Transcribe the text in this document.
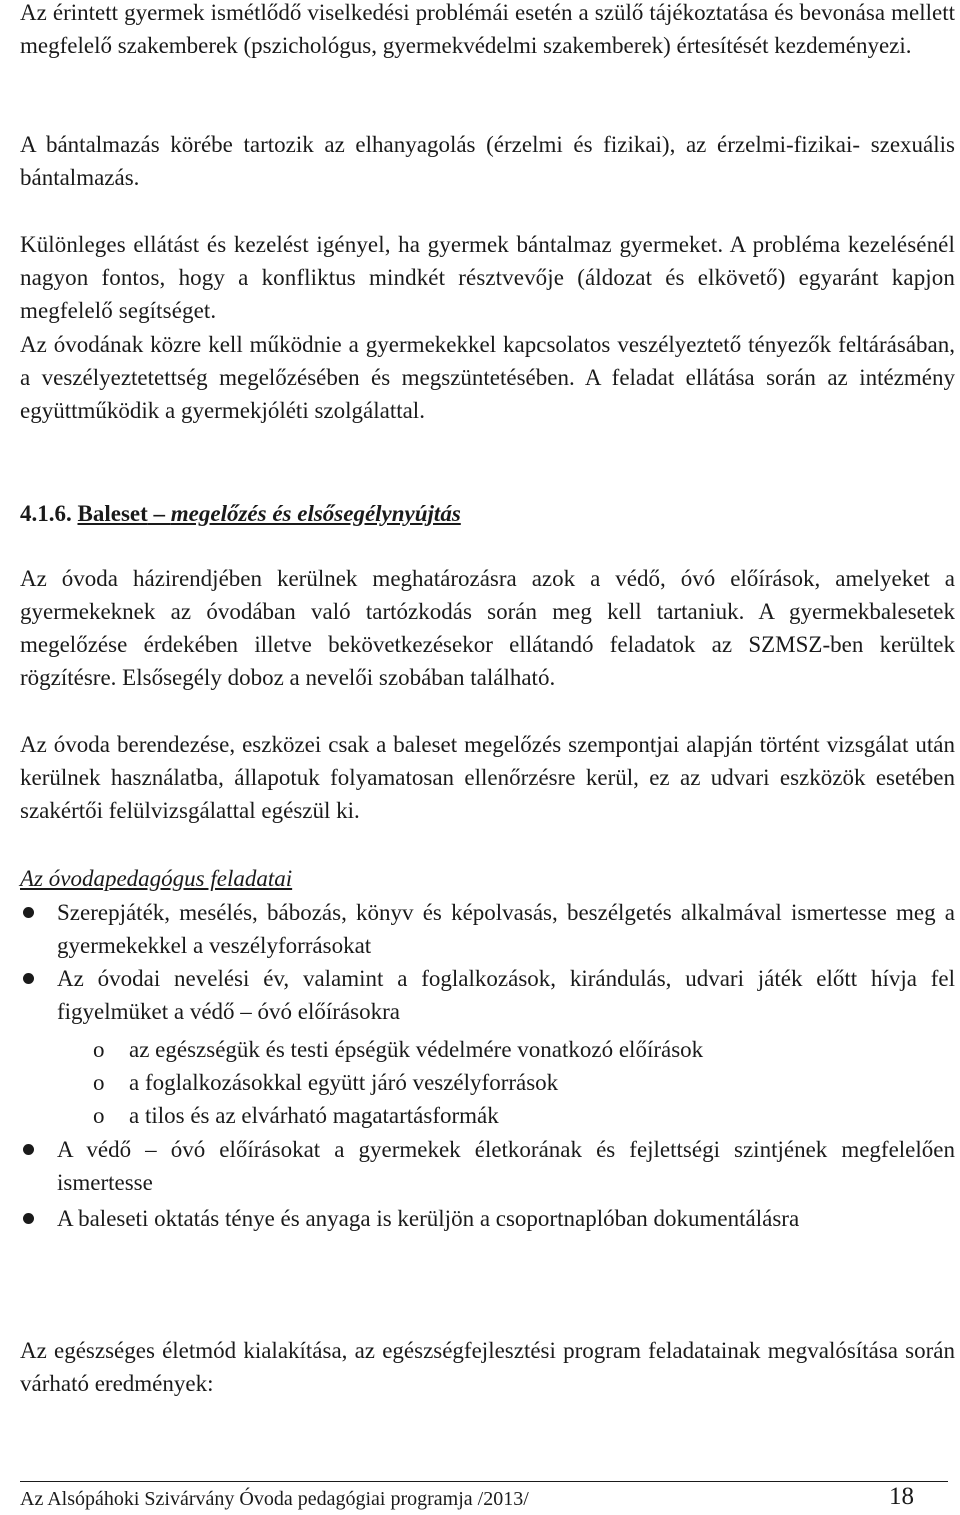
Az érintett gyermek ismétlődő viselkedési problémái esetén a szülő tájékoztatása és bevonása mellett megfelelő szakemberek (pszichológus, gyermekvédelmi szakemberek) értesítését kezdeményezi.

A bántalmazás körébe tartozik az elhanyagolás (érzelmi és fizikai), az érzelmi-fizikai- szexuális bántalmazás.

Különleges ellátást és kezelést igényel, ha gyermek bántalmaz gyermeket. A probléma kezelésénél nagyon fontos, hogy a konfliktus mindkét résztvevője (áldozat és elkövető) egyaránt kapjon megfelelő segítséget.

Az óvodának közre kell működnie a gyermekekkel kapcsolatos veszélyeztető tényezők feltárásában, a veszélyeztetettség megelőzésében és megszüntetésében. A feladat ellátása során az intézmény együttműködik a gyermekjóléti szolgálattal.

4.1.6. Baleset – megelőzés és elsősegélynyújtás

Az óvoda házirendjében kerülnek meghatározásra azok a védő, óvó előírások, amelyeket a gyermekeknek az óvodában való tartózkodás során meg kell tartaniuk. A gyermekbalesetek megelőzése érdekében illetve bekövetkezésekor ellátandó feladatok az SZMSZ-ben kerültek rögzítésre. Elsősegély doboz a nevelői szobában található.

Az óvoda berendezése, eszközei csak a baleset megelőzés szempontjai alapján történt vizsgálat után kerülnek használatba, állapotuk folyamatosan ellenőrzésre kerül, ez az udvari eszközök esetében szakértői felülvizsgálattal egészül ki.

Az óvodapedagógus feladatai
Szerepjáték, mesélés, bábozás, könyv és képolvasás, beszélgetés alkalmával ismertesse meg a gyermekekkel a veszélyforrásokat
Az óvodai nevelési év, valamint a foglalkozások, kirándulás, udvari játék előtt hívja fel figyelmüket a védő – óvó előírásokra
o az egészségük és testi épségük védelmére vonatkozó előírások
o a foglalkozásokkal együtt járó veszélyforrások
o a tilos és az elvárható magatartásformák
A védő – óvó előírásokat a gyermekek életkorának és fejlettségi szintjének megfelelően ismertesse
A baleseti oktatás ténye és anyaga is kerüljön a csoportnaplóban dokumentálásra

Az egészséges életmód kialakítása, az egészségfejlesztési program feladatainak megvalósítása során várható eredmények:

Az Alsópáhoki Szivárvány Óvoda pedagógiai programja /2013/	18
